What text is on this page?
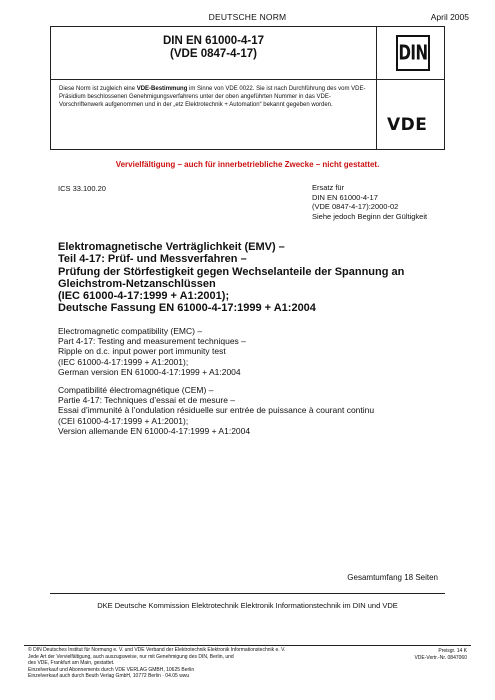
DEUTSCHE NORM	April 2005
DIN EN 61000-4-17
(VDE 0847-4-17)
Diese Norm ist zugleich eine VDE-Bestimmung im Sinne von VDE 0022. Sie ist nach Durchführung des vom VDE-Präsidium beschlossenen Genehmigungsverfahrens unter der oben angeführten Nummer in das VDE-Vorschriftenwerk aufgenommen und in der „etz Elektrotechnik + Automation“ bekannt gegeben worden.
DIN
VDE
Vervielfältigung – auch für innerbetriebliche Zwecke – nicht gestattet.
ICS 33.100.20	Ersatz für
DIN EN 61000-4-17
(VDE 0847-4-17):2000-02
Siehe jedoch Beginn der Gültigkeit
Elektromagnetische Verträglichkeit (EMV) –
Teil 4-17: Prüf- und Messverfahren –
Prüfung der Störfestigkeit gegen Wechselanteile der Spannung an
Gleichstrom-Netzanschlüssen
(IEC 61000-4-17:1999 + A1:2001);
Deutsche Fassung EN 61000-4-17:1999 + A1:2004
Electromagnetic compatibility (EMC) –
Part 4-17: Testing and measurement techniques –
Ripple on d.c. input power port immunity test
(IEC 61000-4-17:1999 + A1:2001);
German version EN 61000-4-17:1999 + A1:2004
Compatibilité électromagnétique (CEM) –
Partie 4-17: Techniques d’essai et de mesure –
Essai d’immunité à l’ondulation résiduelle sur entrée de puissance à courant continu
(CEI 61000-4-17:1999 + A1:2001);
Version allemande EN 61000-4-17:1999 + A1:2004
Gesamtumfang 18 Seiten
DKE Deutsche Kommission Elektrotechnik Elektronik Informationstechnik im DIN und VDE
© DIN Deutsches Institut für Normung e. V. und VDE Verband der Elektrotechnik Elektronik Informationstechnik e. V.
Jede Art der Vervielfältigung, auch auszugsweise, nur mit Genehmigung des DIN, Berlin, und
des VDE, Frankfurt am Main, gestattet.
Einzelverkauf und Abonnements durch VDE VERLAG GMBH, 10625 Berlin
Einzelverkauf auch durch Beuth Verlag GmbH, 10772 Berlin · 04.05 wwu
Preisgr. 14 K
VDE-Vertr.-Nr. 0847060
